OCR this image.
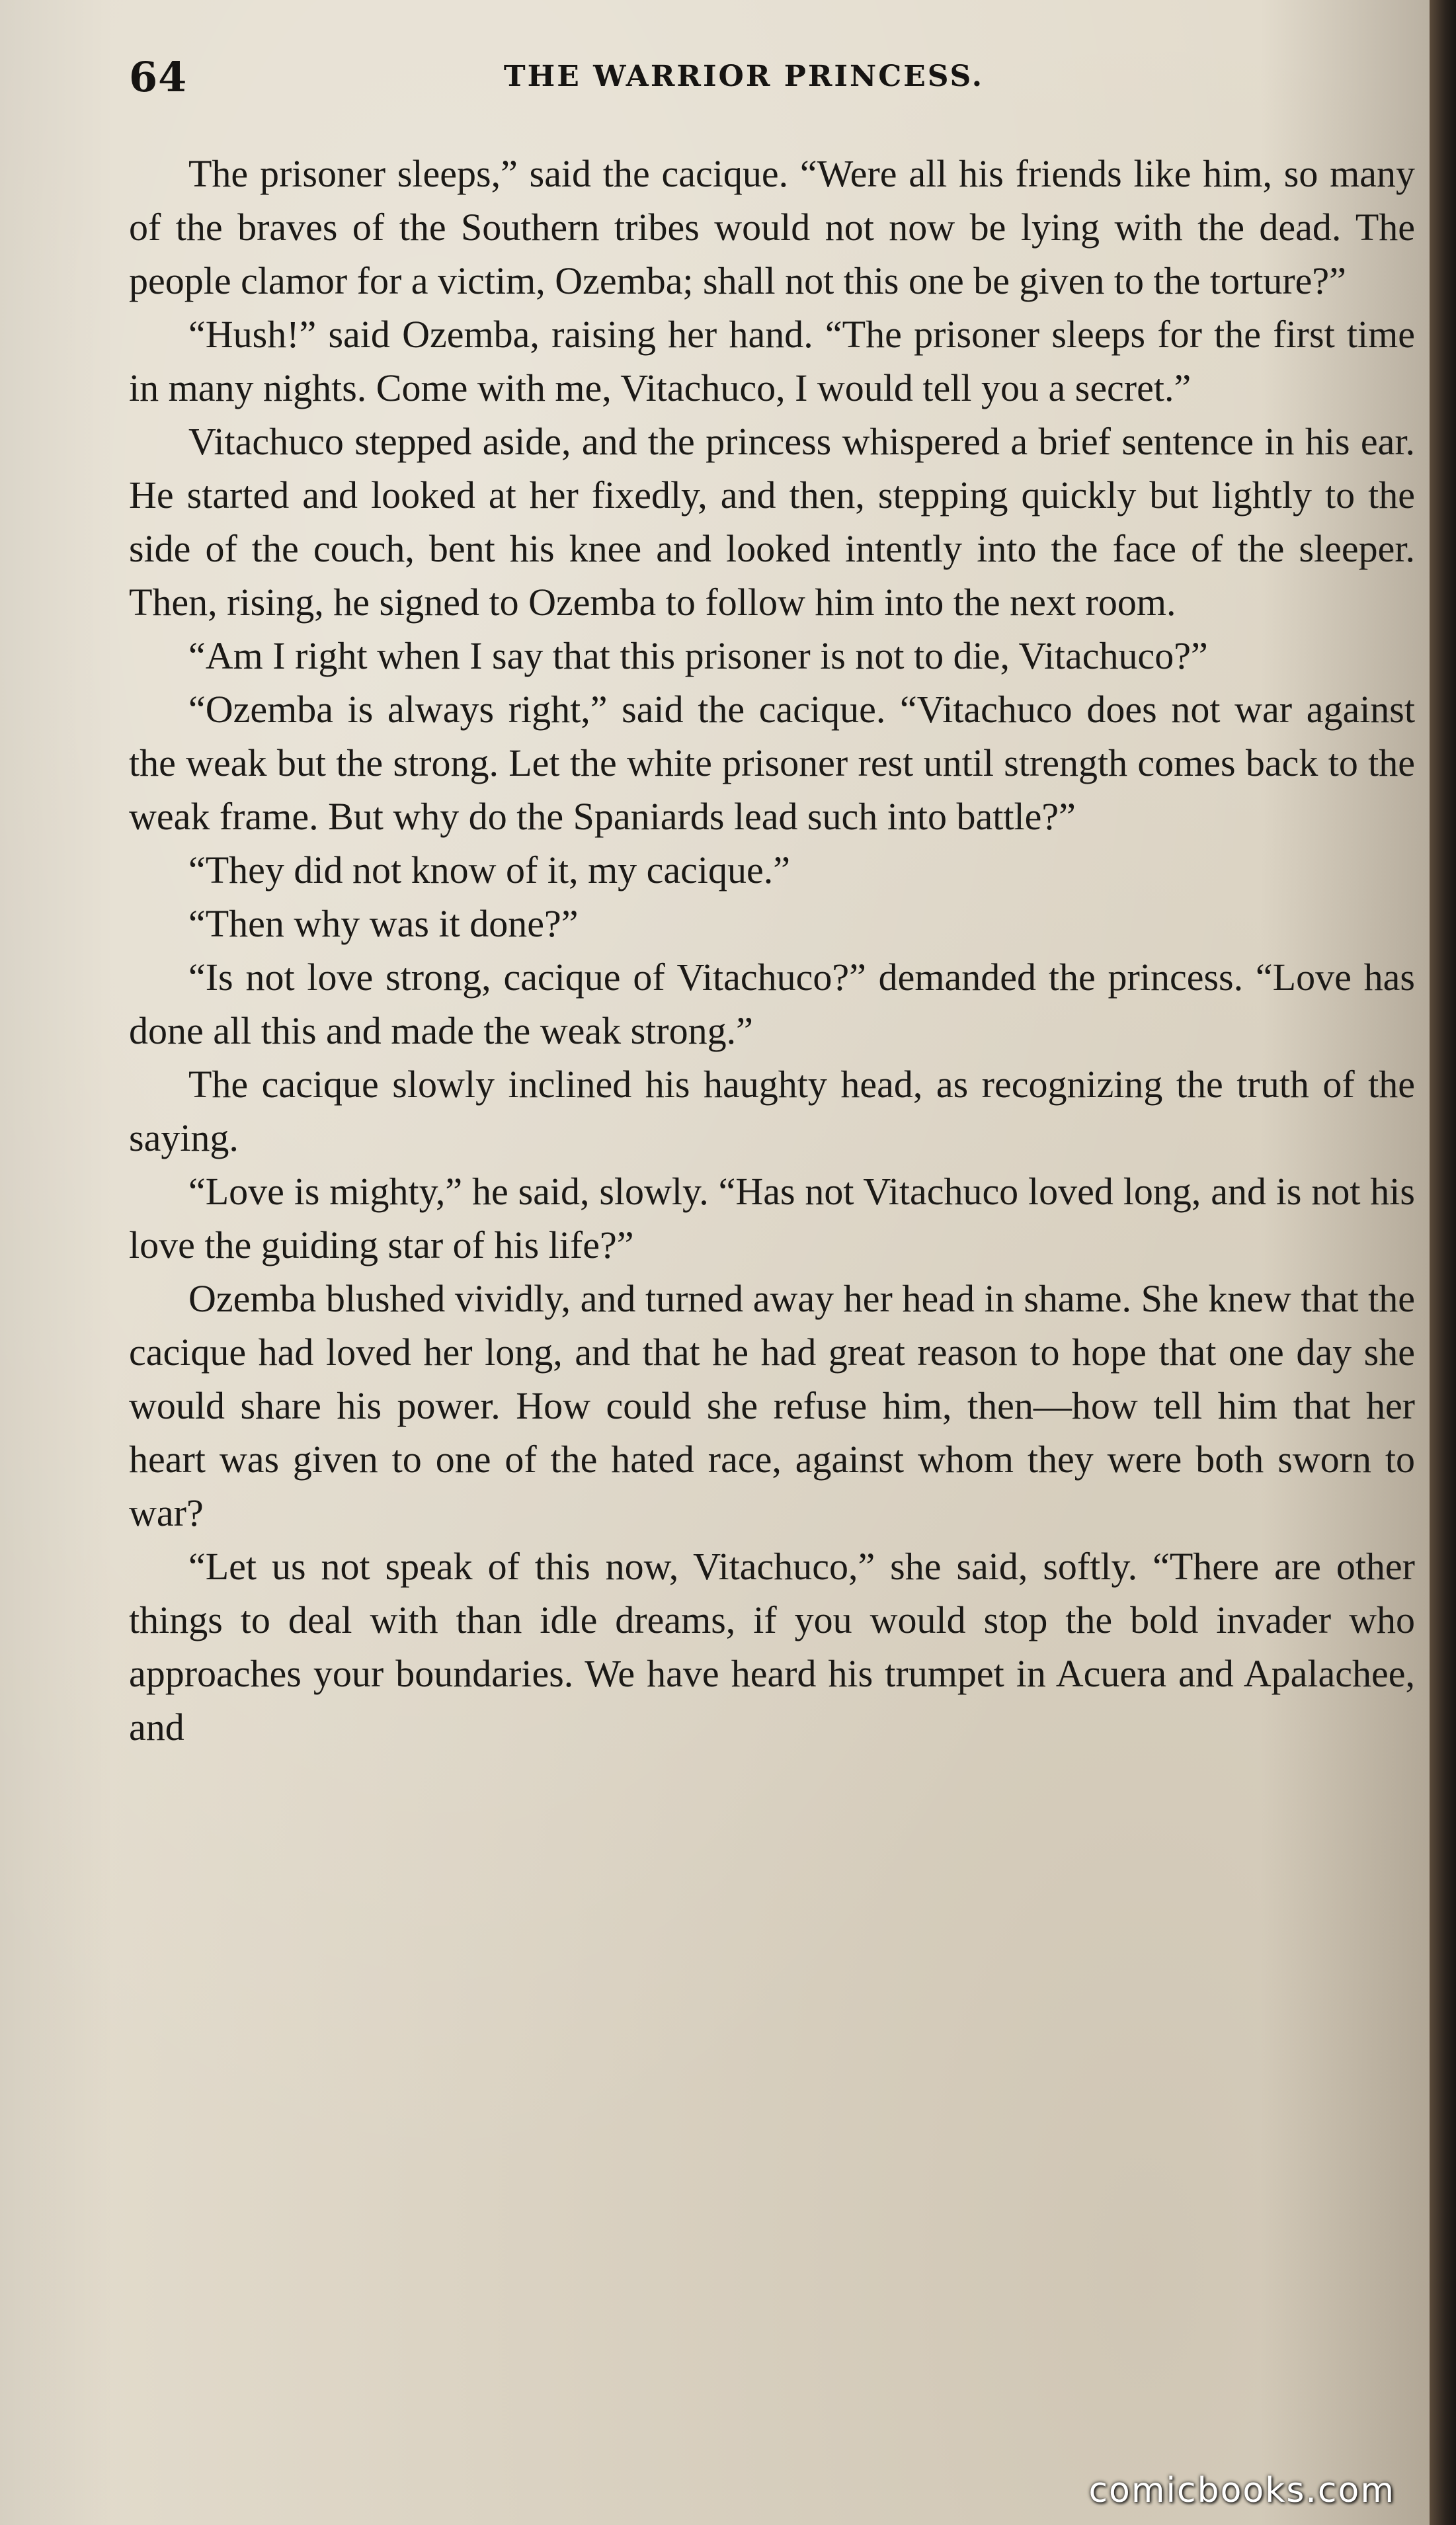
64	THE WARRIOR PRINCESS.

The prisoner sleeps,” said the cacique. “Were all his friends like him, so many of the braves of the Southern tribes would not now be lying with the dead. The people clamor for a victim, Ozemba; shall not this one be given to the torture?”

“Hush!” said Ozemba, raising her hand. “The prisoner sleeps for the first time in many nights. Come with me, Vitachuco, I would tell you a secret.”

Vitachuco stepped aside, and the princess whispered a brief sentence in his ear. He started and looked at her fixedly, and then, stepping quickly but lightly to the side of the couch, bent his knee and looked intently into the face of the sleeper. Then, rising, he signed to Ozemba to follow him into the next room.

“Am I right when I say that this prisoner is not to die, Vitachuco?”

“Ozemba is always right,” said the cacique. “Vitachuco does not war against the weak but the strong. Let the white prisoner rest until strength comes back to the weak frame. But why do the Spaniards lead such into battle?”

“They did not know of it, my cacique.”

“Then why was it done?”

“Is not love strong, cacique of Vitachuco?” demanded the princess. “Love has done all this and made the weak strong.”

The cacique slowly inclined his haughty head, as recognizing the truth of the saying.

“Love is mighty,” he said, slowly. “Has not Vitachuco loved long, and is not his love the guiding star of his life?”

Ozemba blushed vividly, and turned away her head in shame. She knew that the cacique had loved her long, and that he had great reason to hope that one day she would share his power. How could she refuse him, then—how tell him that her heart was given to one of the hated race, against whom they were both sworn to war?

“Let us not speak of this now, Vitachuco,” she said, softly. “There are other things to deal with than idle dreams, if you would stop the bold invader who approaches your boundaries. We have heard his trumpet in Acuera and Apalachee, and

comicbooks.com
